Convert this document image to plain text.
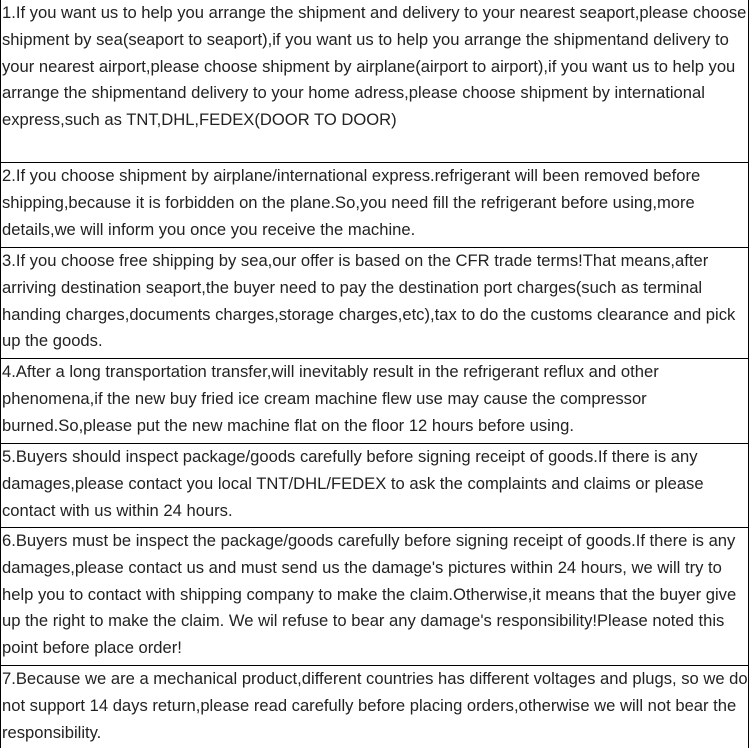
1.If you want us to help you arrange the shipment and delivery to your nearest seaport,please choose shipment by sea(seaport to seaport),if you want us to help you arrange the shipmentand delivery to your nearest airport,please choose shipment by airplane(airport to airport),if you want us to help you arrange the shipmentand delivery to your home adress,please choose shipment by international express,such as TNT,DHL,FEDEX(DOOR TO DOOR)
2.If you choose shipment by airplane/international express.refrigerant will been removed before shipping,because it is forbidden on the plane.So,you need fill the refrigerant before using,more details,we will inform you once you receive the machine.
3.If you choose free shipping by sea,our offer is based on the CFR trade terms!That means,after arriving destination seaport,the buyer need to pay the destination port charges(such as terminal handing charges,documents charges,storage charges,etc),tax to do the customs clearance and pick up the goods.
4.After a long transportation transfer,will inevitably result in the refrigerant reflux and other phenomena,if the new buy fried ice cream machine flew use may cause the compressor burned.So,please put the new machine flat on the floor 12 hours before using.
5.Buyers should inspect package/goods carefully before signing receipt of goods.If there is any damages,please contact you local TNT/DHL/FEDEX to ask the complaints and claims or please contact with us within 24 hours.
6.Buyers must be inspect the package/goods carefully before signing receipt of goods.If there is any damages,please contact us and must send us the damage's pictures within 24 hours, we will try to help you to contact with shipping company to make the claim.Otherwise,it means that the buyer give up the right to make the claim. We wil refuse to bear any damage's responsibility!Please noted this point before place order!
7.Because we are a mechanical product,different countries has different voltages and plugs, so we do not support 14 days return,please read carefully before placing orders,otherwise we will not bear the responsibility.
